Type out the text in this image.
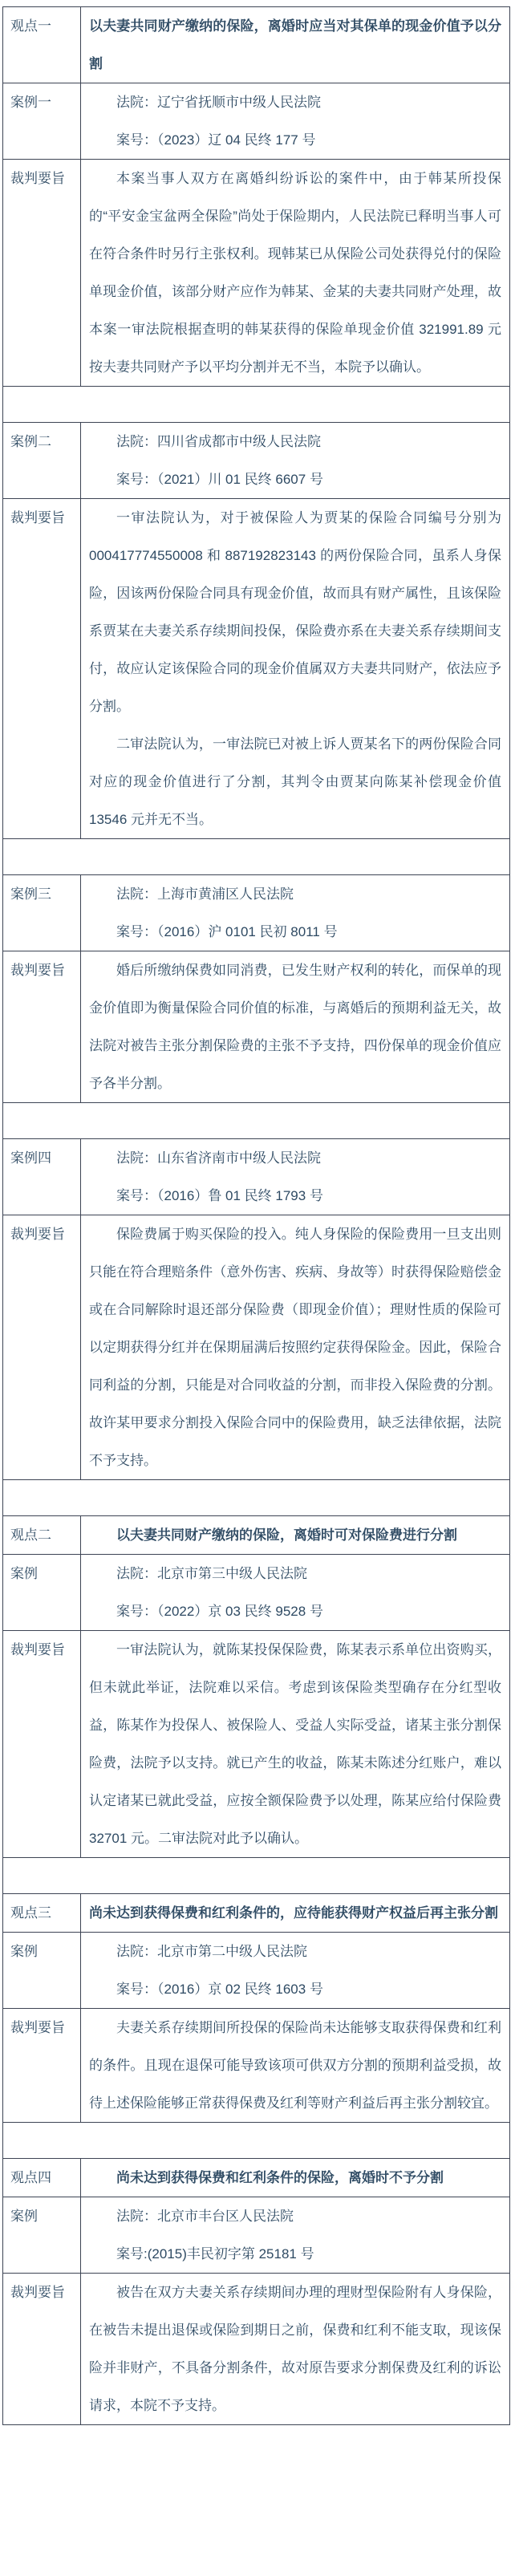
观点一	以夫妻共同财产缴纳的保险，离婚时应当对其保单的现金价值予以分割
案例一	法院：辽宁省抚顺市中级人民法院

案号：（2023）辽 04 民终 177 号

裁判要旨	本案当事人双方在离婚纠纷诉讼的案件中，由于韩某所投保的“平安金宝盆两全保险”尚处于保险期内，人民法院已释明当事人可在符合条件时另行主张权利。现韩某已从保险公司处获得兑付的保险单现金价值，该部分财产应作为韩某、金某的夫妻共同财产处理，故本案一审法院根据查明的韩某获得的保险单现金价值 321991.89 元按夫妻共同财产予以平均分割并无不当，本院予以确认。

案例二	法院：四川省成都市中级人民法院

案号：（2021）川 01 民终 6607 号

裁判要旨	一审法院认为，对于被保险人为贾某的保险合同编号分别为 000417774550008 和 887192823143 的两份保险合同，虽系人身保险，因该两份保险合同具有现金价值，故而具有财产属性，且该保险系贾某在夫妻关系存续期间投保，保险费亦系在夫妻关系存续期间支付，故应认定该保险合同的现金价值属双方夫妻共同财产，依法应予分割。

二审法院认为，一审法院已对被上诉人贾某名下的两份保险合同对应的现金价值进行了分割，其判令由贾某向陈某补偿现金价值 13546 元并无不当。

案例三	法院：上海市黄浦区人民法院

案号：（2016）沪 0101 民初 8011 号

裁判要旨	婚后所缴纳保费如同消费，已发生财产权利的转化，而保单的现金价值即为衡量保险合同价值的标准，与离婚后的预期利益无关，故法院对被告主张分割保险费的主张不予支持，四份保单的现金价值应予各半分割。

案例四	法院：山东省济南市中级人民法院

案号：（2016）鲁 01 民终 1793 号

裁判要旨	保险费属于购买保险的投入。纯人身保险的保险费用一旦支出则只能在符合理赔条件（意外伤害、疾病、身故等）时获得保险赔偿金或在合同解除时退还部分保险费（即现金价值）；理财性质的保险可以定期获得分红并在保期届满后按照约定获得保险金。因此，保险合同利益的分割，只能是对合同收益的分割，而非投入保险费的分割。故许某甲要求分割投入保险合同中的保险费用，缺乏法律依据，法院不予支持。

观点二	以夫妻共同财产缴纳的保险，离婚时可对保险费进行分割
案例	法院：北京市第三中级人民法院

案号：（2022）京 03 民终 9528 号

裁判要旨	一审法院认为，就陈某投保保险费，陈某表示系单位出资购买，但未就此举证，法院难以采信。考虑到该保险类型确存在分红型收益，陈某作为投保人、被保险人、受益人实际受益，诸某主张分割保险费，法院予以支持。就已产生的收益，陈某未陈述分红账户，难以认定诸某已就此受益，应按全额保险费予以处理，陈某应给付保险费 32701 元。二审法院对此予以确认。

观点三	尚未达到获得保费和红利条件的，应待能获得财产权益后再主张分割
案例	法院：北京市第二中级人民法院

案号：（2016）京 02 民终 1603 号

裁判要旨	夫妻关系存续期间所投保的保险尚未达能够支取获得保费和红利的条件。且现在退保可能导致该项可供双方分割的预期利益受损，故待上述保险能够正常获得保费及红利等财产利益后再主张分割较宜。

观点四	尚未达到获得保费和红利条件的保险，离婚时不予分割
案例	法院：北京市丰台区人民法院

案号:(2015)丰民初字第 25181 号

裁判要旨	被告在双方夫妻关系存续期间办理的理财型保险附有人身保险，在被告未提出退保或保险到期日之前，保费和红利不能支取，现该保险并非财产，不具备分割条件，故对原告要求分割保费及红利的诉讼请求，本院不予支持。
